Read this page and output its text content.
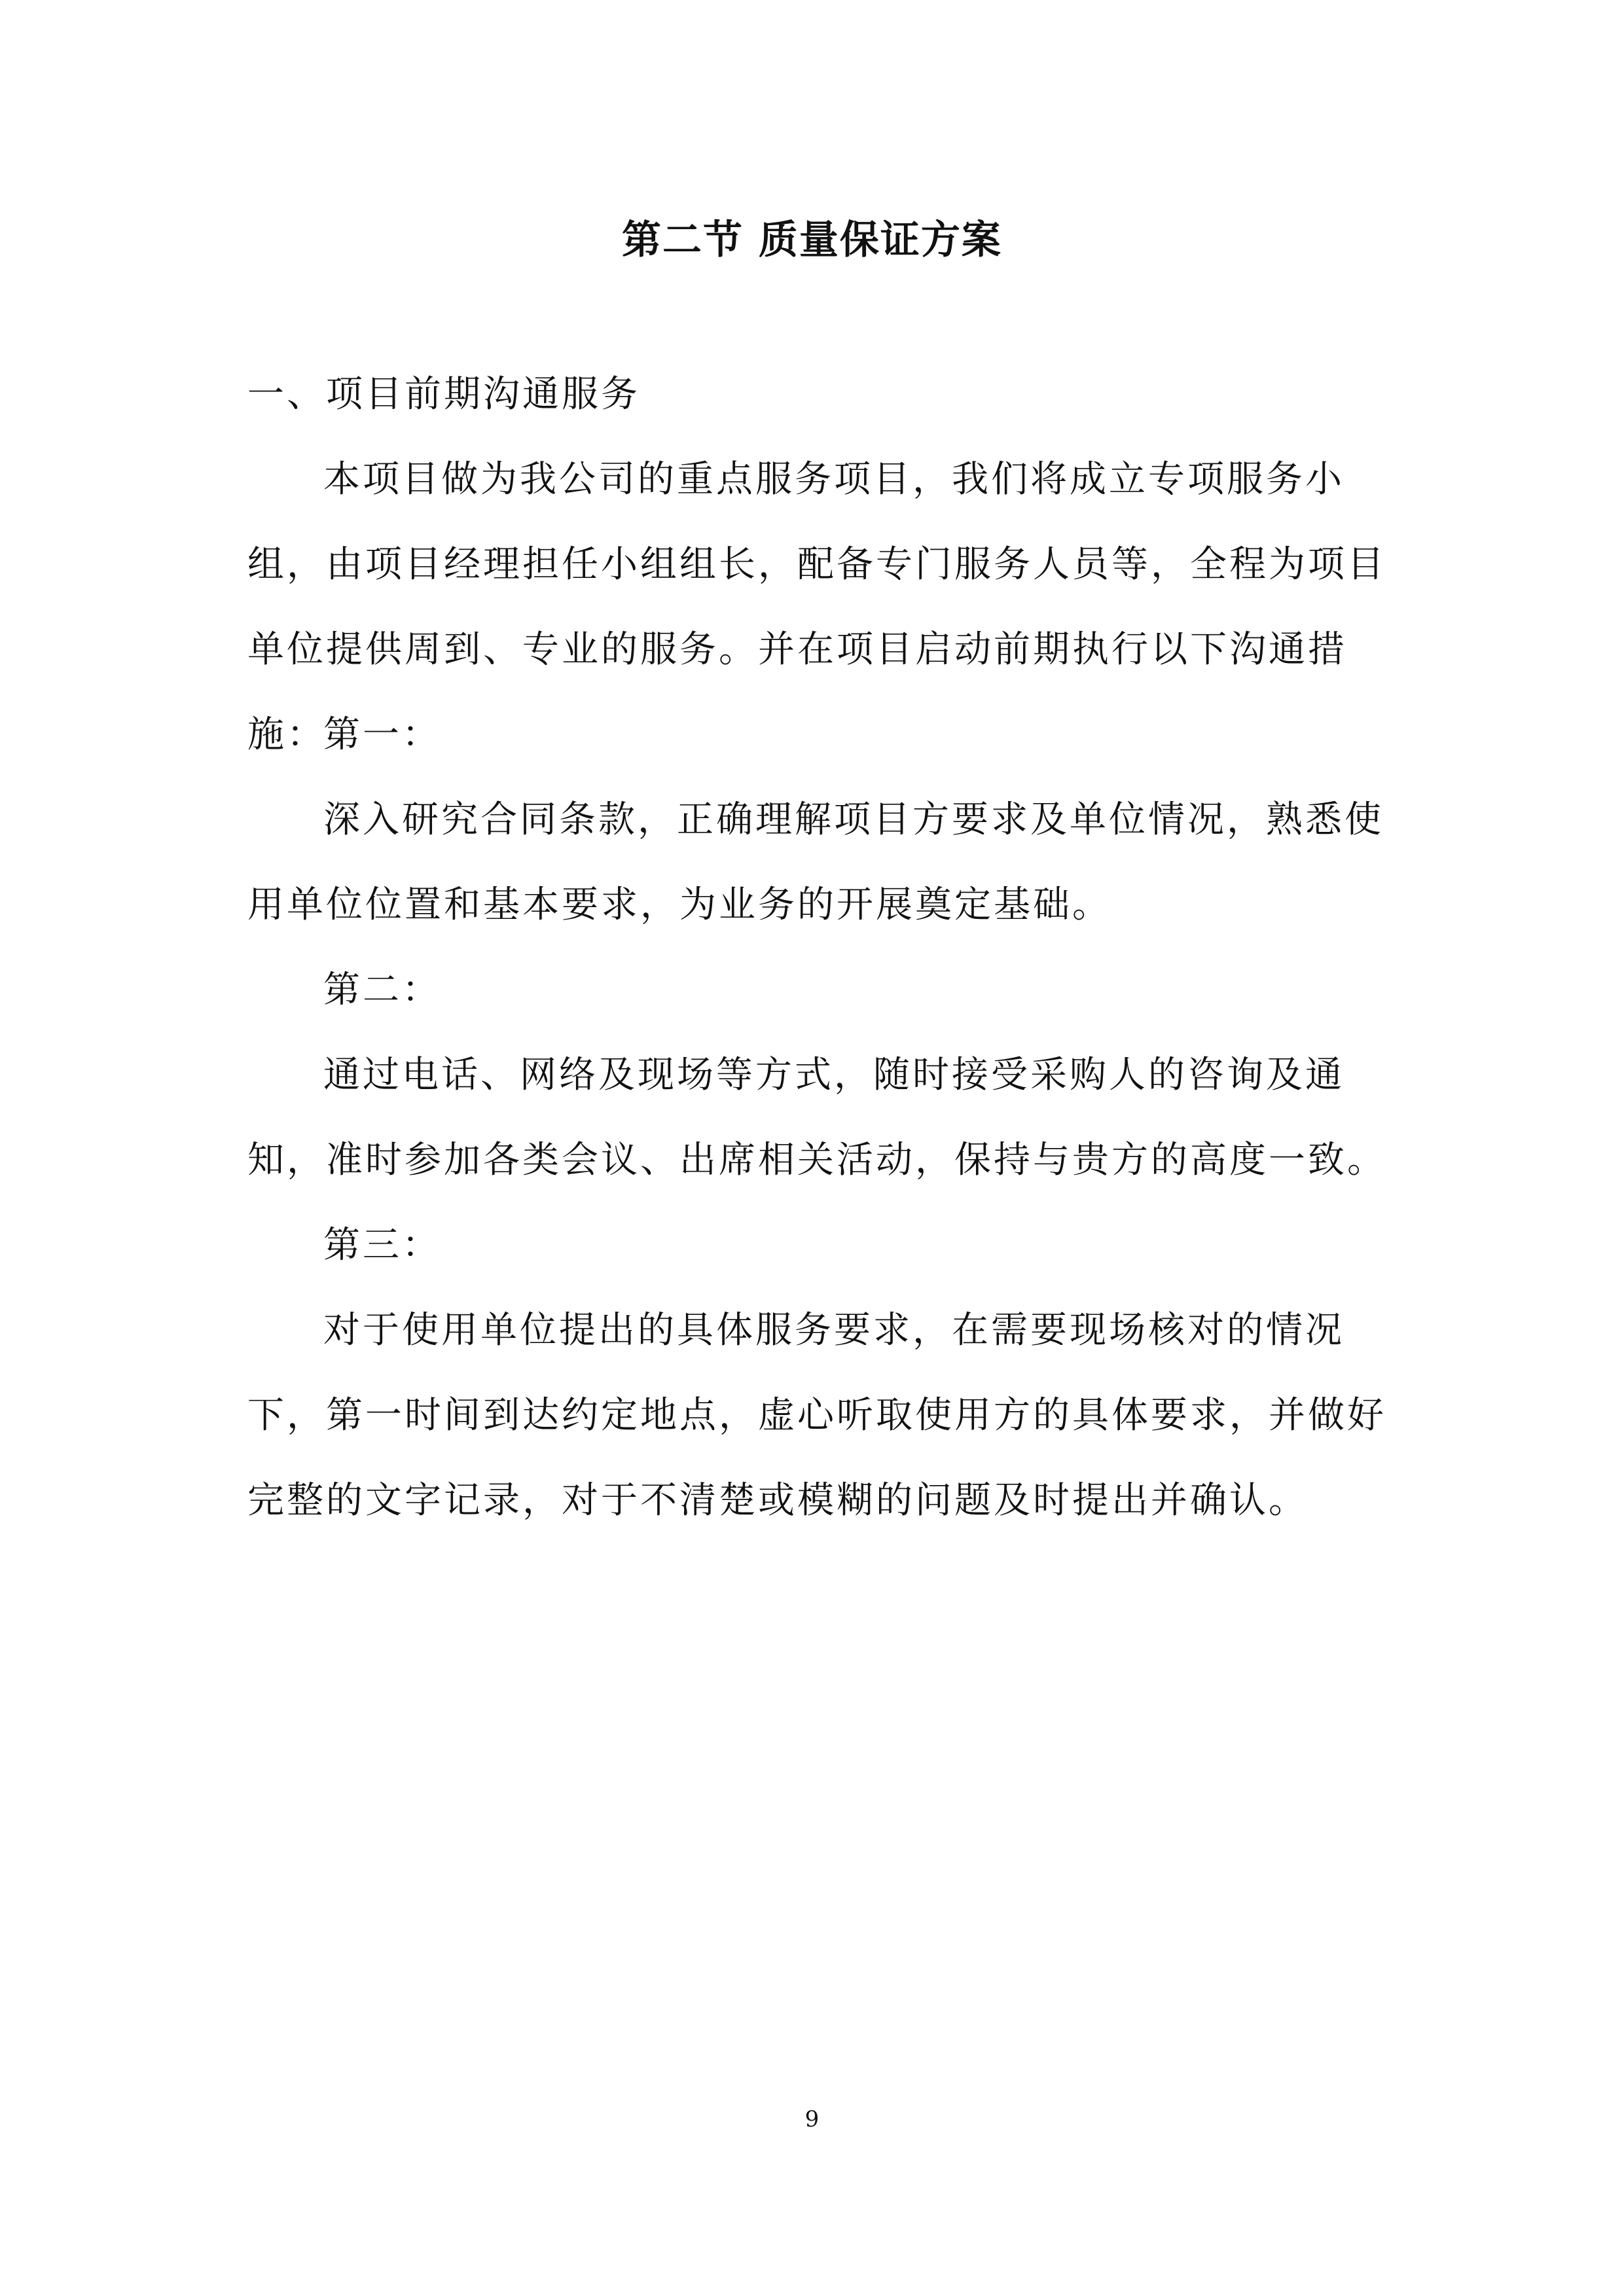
第二节 质量保证方案
一、项目前期沟通服务
本项目做为我公司的重点服务项目，我们将成立专项服务小组，由项目经理担任小组组长，配备专门服务人员等，全程为项目单位提供周到、专业的服务。并在项目启动前期执行以下沟通措施：
第一：
深入研究合同条款，正确理解项目方要求及单位情况，熟悉使用单位位置和基本要求，为业务的开展奠定基础。
第二：
通过电话、网络及现场等方式，随时接受采购人的咨询及通知，准时参加各类会议、出席相关活动，保持与贵方的高度一致。
第三：
对于使用单位提出的具体服务要求，在需要现场核对的情况下，第一时间到达约定地点，虚心听取使用方的具体要求，并做好完整的文字记录，对于不清楚或模糊的问题及时提出并确认。
9
